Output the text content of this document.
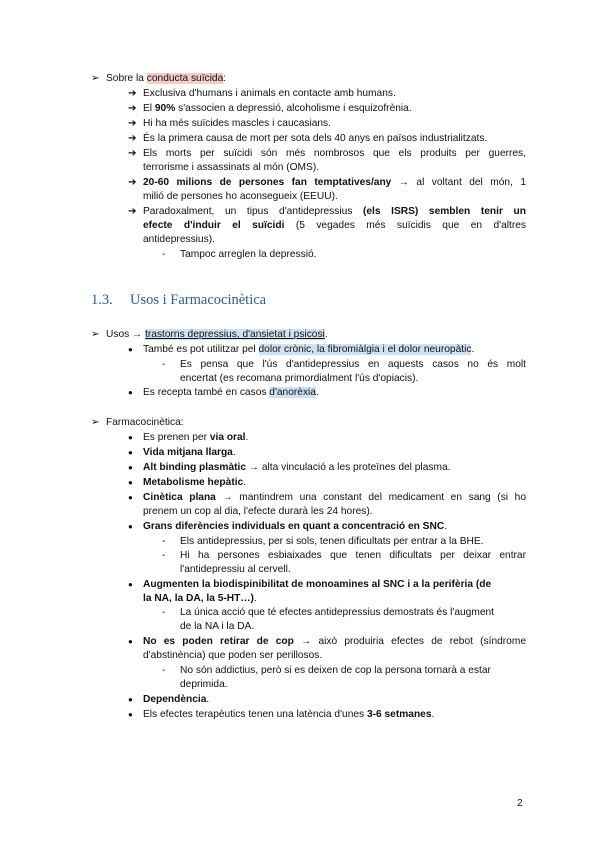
➢ Sobre la conducta suïcida:
➔ Exclusiva d'humans i animals en contacte amb humans.
➔ El 90% s'associen a depressió, alcoholisme i esquizofrènia.
➔ Hi ha més suïcides mascles i caucasians.
➔ És la primera causa de mort per sota dels 40 anys en països industrialitzats.
➔ Els morts per suïcidi són més nombrosos que els produits per guerres,
terrorisme i assassinats al món (OMS).
➔ 20-60 milions de persones fan temptatives/any → al voltant del món, 1
milió de persones ho aconsegueix (EEUU).
➔ Paradoxalment, un tipus d'antidepressius (els ISRS) semblen tenir un
efecte d'induir el suïcidi (5 vegades més suïcidis que en d'altres
antidepressius).
- Tampoc arreglen la depressió.
1.3. Usos i Farmacocinètica
➢ Usos → trastorns depressius, d'ansietat i psicosi.
● També es pot utilitzar pel dolor crònic, la fibromiàlgia i el dolor neuropàtic.
- Es pensa que l'ús d'antidepressius en aquests casos no és molt
encertat (es recomana primordialment l'ús d'opiacis).
● Es recepta també en casos d'anorèxia.
➢ Farmacocinètica:
● Es prenen per via oral.
● Vida mitjana llarga.
● Alt binding plasmàtic → alta vinculació a les proteïnes del plasma.
● Metabolisme hepàtic.
● Cinètica plana → mantindrem una constant del medicament en sang (si ho
prenem un cop al dia, l'efecte durarà les 24 hores).
● Grans diferències individuals en quant a concentració en SNC.
- Els antidepressius, per si sols, tenen dificultats per entrar a la BHE.
- Hi ha persones esbiaixades que tenen dificultats per deixar entrar
l'antidepressiu al cervell.
● Augmenten la biodispinibilitat de monoamines al SNC i a la perifèria (de
la NA, la DA, la 5-HT…).
- La única acció que té efectes antidepressius demostrats és l'augment
de la NA i la DA.
● No es poden retirar de cop → això produiria efectes de rebot (síndrome
d'abstinència) que poden ser perillosos.
- No són addictius, però si es deixen de cop la persona tornarà a estar
deprimida.
● Dependència.
● Els efectes terapèutics tenen una latència d'unes 3-6 setmanes.
2
